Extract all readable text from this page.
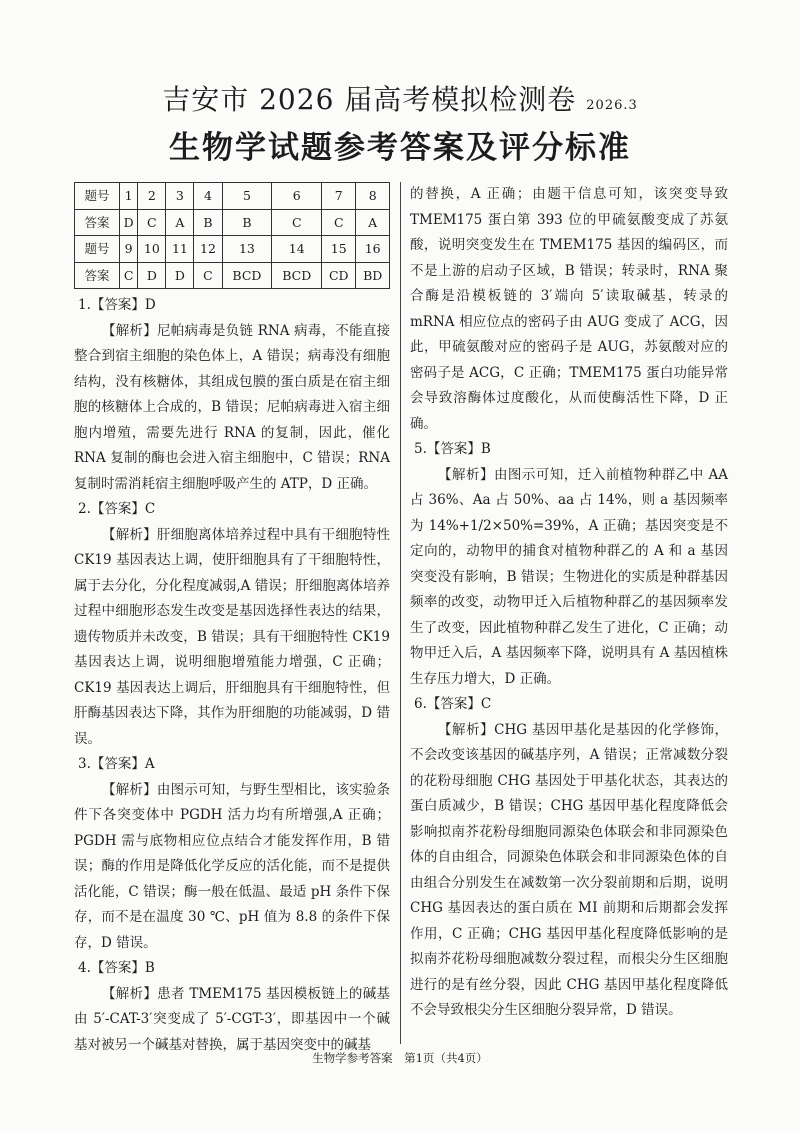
吉安市 2026 届高考模拟检测卷 2026.3
生物学试题参考答案及评分标准
题号	1	2	3	4	5	6	7	8
答案	D	C	A	B	B	C	C	A
题号	9	10	11	12	13	14	15	16
答案	C	D	D	C	BCD	BCD	CD	BD

1.【答案】D

【解析】尼帕病毒是负链 RNA 病毒，不能直接整合到宿主细胞的染色体上，A 错误；病毒没有细胞结构，没有核糖体，其组成包膜的蛋白质是在宿主细胞的核糖体上合成的，B 错误；尼帕病毒进入宿主细胞内增殖，需要先进行 RNA 的复制，因此，催化 RNA 复制的酶也会进入宿主细胞中，C 错误；RNA 复制时需消耗宿主细胞呼吸产生的 ATP，D 正确。

2.【答案】C

【解析】肝细胞离体培养过程中具有干细胞特性 CK19 基因表达上调，使肝细胞具有了干细胞特性，属于去分化，分化程度减弱,A 错误；肝细胞离体培养过程中细胞形态发生改变是基因选择性表达的结果，遗传物质并未改变，B 错误；具有干细胞特性 CK19 基因表达上调，说明细胞增殖能力增强，C 正确；CK19 基因表达上调后，肝细胞具有干细胞特性，但肝酶基因表达下降，其作为肝细胞的功能减弱，D 错误。

3.【答案】A

【解析】由图示可知，与野生型相比，该实验条件下各突变体中 PGDH 活力均有所增强,A 正确；PGDH 需与底物相应位点结合才能发挥作用，B 错误；酶的作用是降低化学反应的活化能，而不是提供活化能，C 错误；酶一般在低温、最适 pH 条件下保存，而不是在温度 30 ℃、pH 值为 8.8 的条件下保存，D 错误。

4.【答案】B

【解析】患者 TMEM175 基因模板链上的碱基由 5′-CAT-3′突变成了 5′-CGT-3′，即基因中一个碱基对被另一个碱基对替换，属于基因突变中的碱基

的替换，A 正确；由题干信息可知，该突变导致 TMEM175 蛋白第 393 位的甲硫氨酸变成了苏氨酸，说明突变发生在 TMEM175 基因的编码区，而不是上游的启动子区域，B 错误；转录时，RNA 聚合酶是沿模板链的 3′端向 5′读取碱基，转录的 mRNA 相应位点的密码子由 AUG 变成了 ACG，因此，甲硫氨酸对应的密码子是 AUG，苏氨酸对应的密码子是 ACG，C 正确；TMEM175 蛋白功能异常会导致溶酶体过度酸化，从而使酶活性下降，D 正确。

5.【答案】B

【解析】由图示可知，迁入前植物种群乙中 AA 占 36%、Aa 占 50%、aa 占 14%，则 a 基因频率为 14%+1/2×50%=39%，A 正确；基因突变是不定向的，动物甲的捕食对植物种群乙的 A 和 a 基因突变没有影响，B 错误；生物进化的实质是种群基因频率的改变，动物甲迁入后植物种群乙的基因频率发生了改变，因此植物种群乙发生了进化，C 正确；动物甲迁入后，A 基因频率下降，说明具有 A 基因植株生存压力增大，D 正确。

6.【答案】C

【解析】CHG 基因甲基化是基因的化学修饰，不会改变该基因的碱基序列，A 错误；正常减数分裂的花粉母细胞 CHG 基因处于甲基化状态，其表达的蛋白质减少，B 错误；CHG 基因甲基化程度降低会影响拟南芥花粉母细胞同源染色体联会和非同源染色体的自由组合，同源染色体联会和非同源染色体的自由组合分别发生在减数第一次分裂前期和后期，说明 CHG 基因表达的蛋白质在 MⅠ 前期和后期都会发挥作用，C 正确；CHG 基因甲基化程度降低影响的是拟南芥花粉母细胞减数分裂过程，而根尖分生区细胞进行的是有丝分裂，因此 CHG 基因甲基化程度降低不会导致根尖分生区细胞分裂异常，D 错误。

生物学参考答案　第1页（共4页）
